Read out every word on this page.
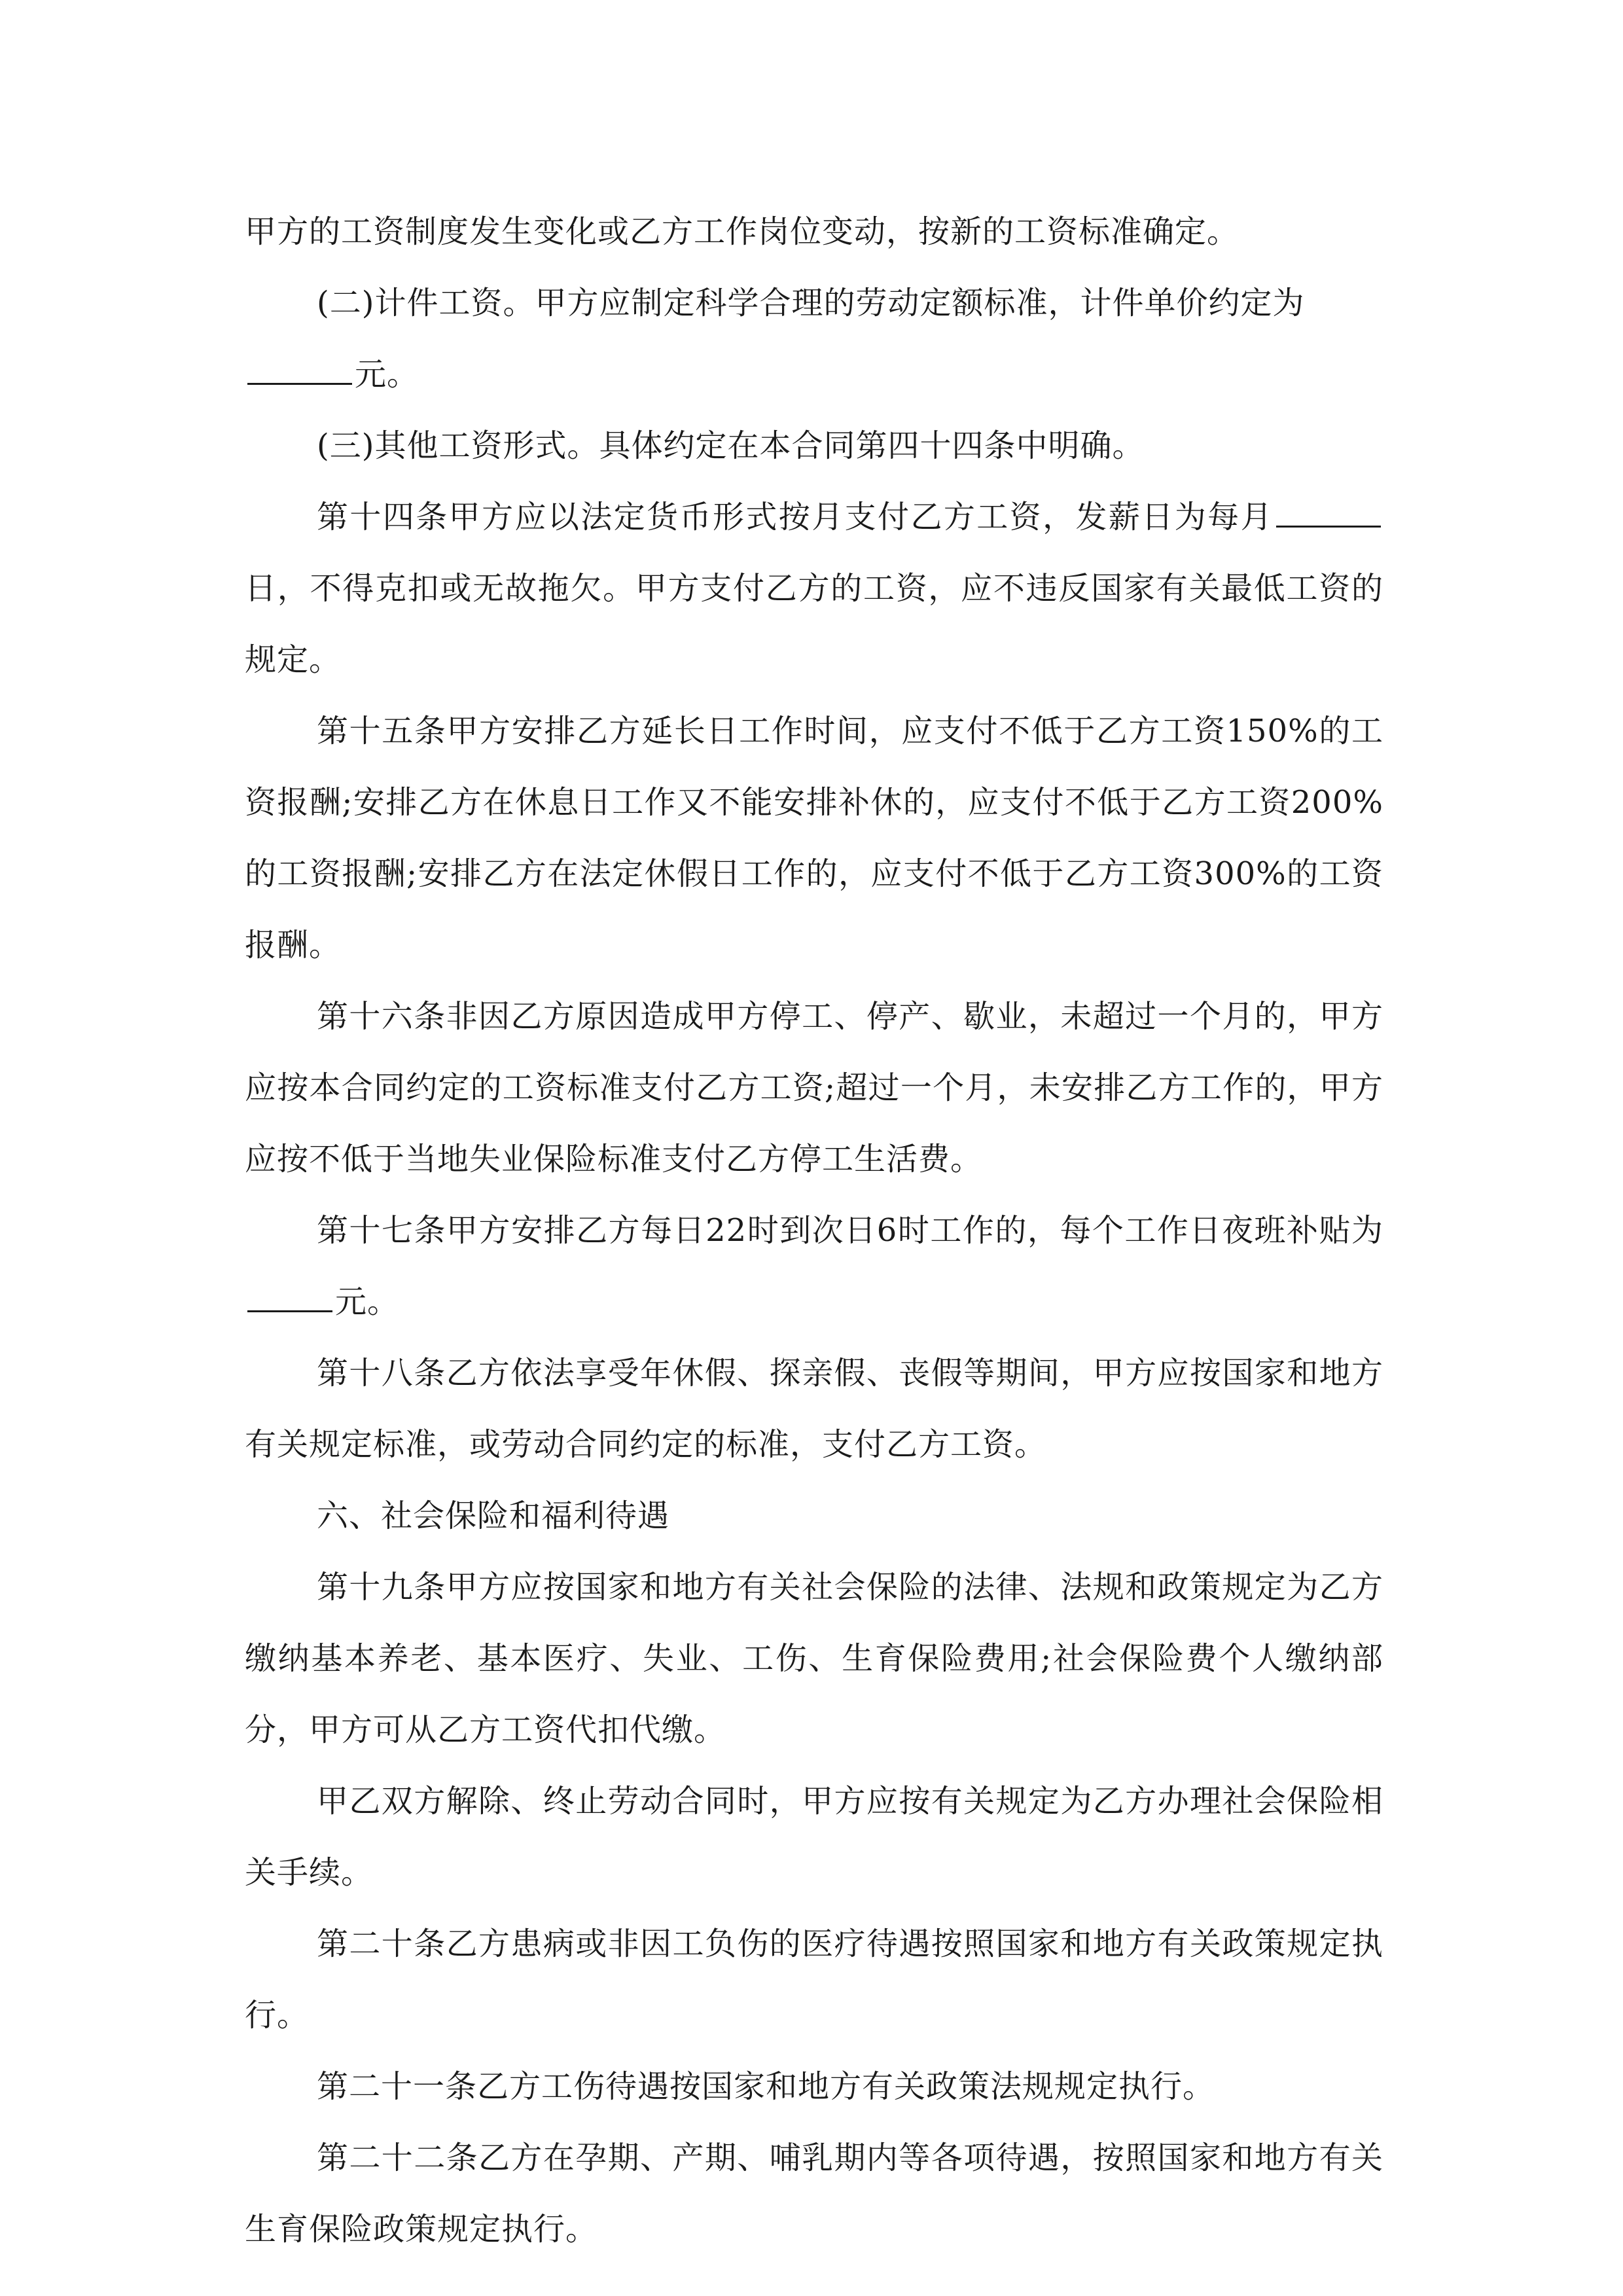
甲方的工资制度发生变化或乙方工作岗位变动，按新的工资标准确定。

(二)计件工资。甲方应制定科学合理的劳动定额标准，计件单价约定为
元。

(三)其他工资形式。具体约定在本合同第四十四条中明确。

第十四条甲方应以法定货币形式按月支付乙方工资，发薪日为每月日，不得克扣或无故拖欠。甲方支付乙方的工资，应不违反国家有关最低工资的规定。

第十五条甲方安排乙方延长日工作时间，应支付不低于乙方工资150%的工资报酬;安排乙方在休息日工作又不能安排补休的，应支付不低于乙方工资200%的工资报酬;安排乙方在法定休假日工作的，应支付不低于乙方工资300%的工资报酬。

第十六条非因乙方原因造成甲方停工、停产、歇业，未超过一个月的，甲方应按本合同约定的工资标准支付乙方工资;超过一个月，未安排乙方工作的，甲方应按不低于当地失业保险标准支付乙方停工生活费。

第十七条甲方安排乙方每日22时到次日6时工作的，每个工作日夜班补贴为元。

第十八条乙方依法享受年休假、探亲假、丧假等期间，甲方应按国家和地方有关规定标准，或劳动合同约定的标准，支付乙方工资。

六、社会保险和福利待遇

第十九条甲方应按国家和地方有关社会保险的法律、法规和政策规定为乙方缴纳基本养老、基本医疗、失业、工伤、生育保险费用;社会保险费个人缴纳部分，甲方可从乙方工资代扣代缴。

甲乙双方解除、终止劳动合同时，甲方应按有关规定为乙方办理社会保险相关手续。

第二十条乙方患病或非因工负伤的医疗待遇按照国家和地方有关政策规定执行。

第二十一条乙方工伤待遇按国家和地方有关政策法规规定执行。

第二十二条乙方在孕期、产期、哺乳期内等各项待遇，按照国家和地方有关生育保险政策规定执行。
